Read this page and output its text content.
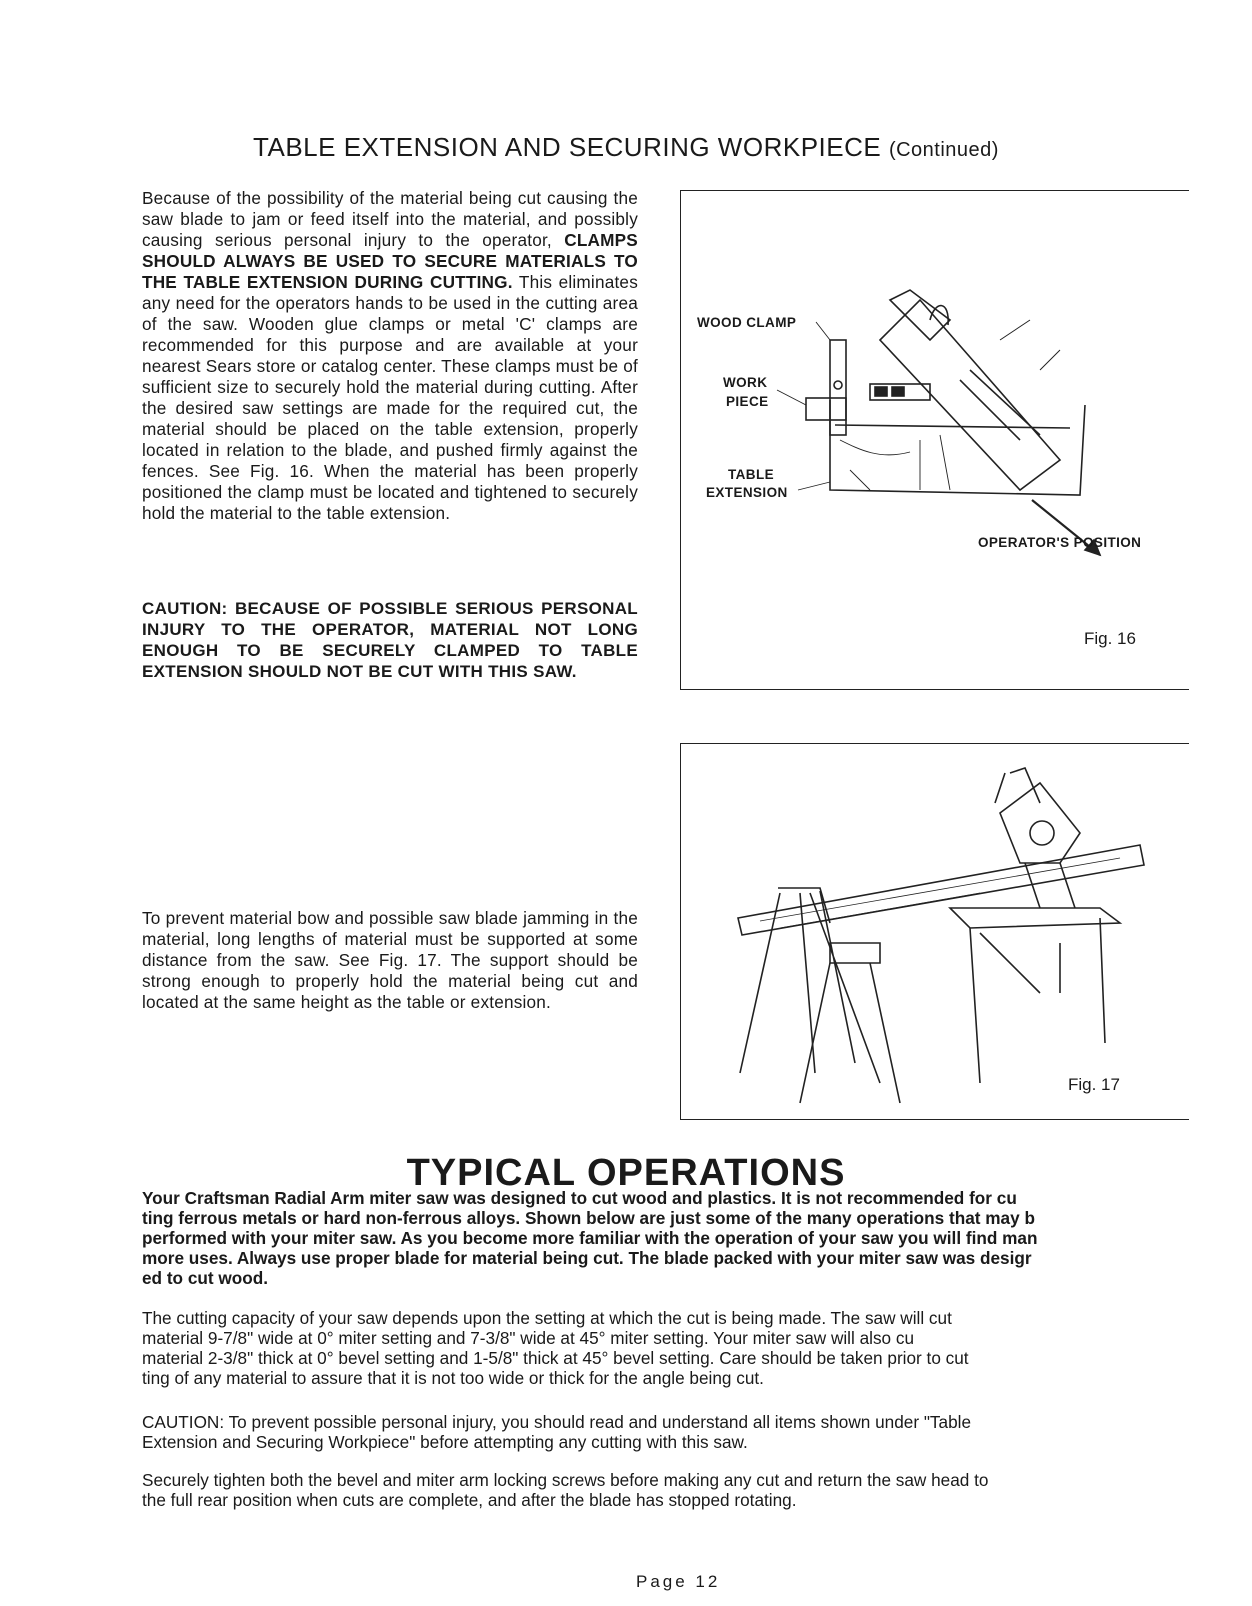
TABLE EXTENSION AND SECURING WORKPIECE (Continued)
Because of the possibility of the material being cut causing the saw blade to jam or feed itself into the material, and possibly causing serious personal injury to the operator, CLAMPS SHOULD ALWAYS BE USED TO SECURE MATERIALS TO THE TABLE EXTENSION DURING CUTTING. This eliminates any need for the operators hands to be used in the cutting area of the saw. Wooden glue clamps or metal 'C' clamps are recommended for this purpose and are available at your nearest Sears store or catalog center. These clamps must be of sufficient size to securely hold the material during cutting. After the desired saw settings are made for the required cut, the material should be placed on the table extension, properly located in relation to the blade, and pushed firmly against the fences. See Fig. 16. When the material has been properly positioned the clamp must be located and tightened to securely hold the material to the table extension.
CAUTION: BECAUSE OF POSSIBLE SERIOUS PERSONAL INJURY TO THE OPERATOR, MATERIAL NOT LONG ENOUGH TO BE SECURELY CLAMPED TO TABLE EXTENSION SHOULD NOT BE CUT WITH THIS SAW.
To prevent material bow and possible saw blade jamming in the material, long lengths of material must be supported at some distance from the saw. See Fig. 17. The support should be strong enough to properly hold the material being cut and located at the same height as the table or extension.
WOOD CLAMP
WORK
PIECE
TABLE
EXTENSION
OPERATOR'S POSITION
Fig. 16
Fig. 17
TYPICAL OPERATIONS
Your Craftsman Radial Arm miter saw was designed to cut wood and plastics. It is not recommended for cu
ting ferrous metals or hard non-ferrous alloys. Shown below are just some of the many operations that may b
performed with your miter saw. As you become more familiar with the operation of your saw you will find man
more uses. Always use proper blade for material being cut. The blade packed with your miter saw was desigr
ed to cut wood.
The cutting capacity of your saw depends upon the setting at which the cut is being made. The saw will cut
material 9-7/8" wide at 0° miter setting and 7-3/8" wide at 45° miter setting. Your miter saw will also cu
material 2-3/8" thick at 0° bevel setting and 1-5/8" thick at 45° bevel setting. Care should be taken prior to cut
ting of any material to assure that it is not too wide or thick for the angle being cut.
CAUTION: To prevent possible personal injury, you should read and understand all items shown under "Table
Extension and Securing Workpiece" before attempting any cutting with this saw.
Securely tighten both the bevel and miter arm locking screws before making any cut and return the saw head to
the full rear position when cuts are complete, and after the blade has stopped rotating.
Page 12
